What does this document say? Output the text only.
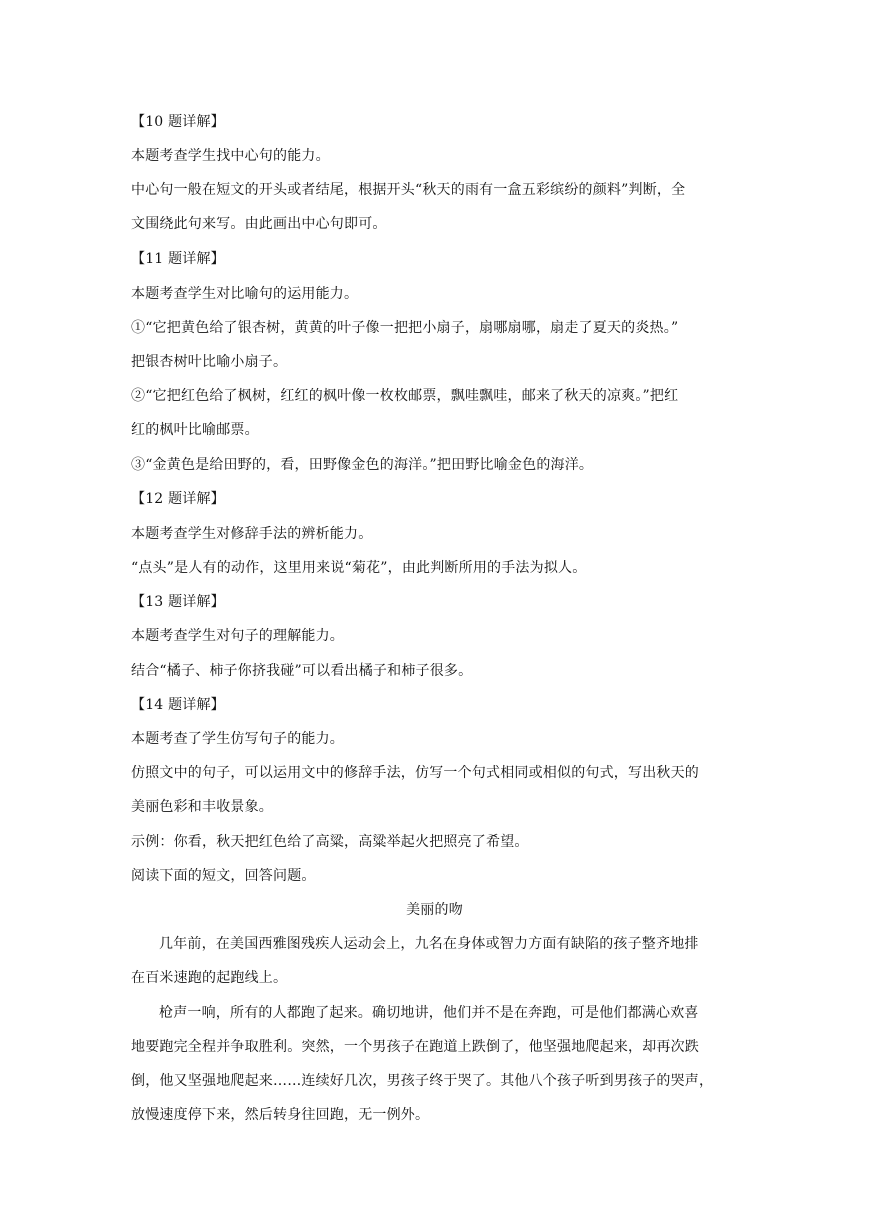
【10 题详解】
本题考查学生找中心句的能力。
中心句一般在短文的开头或者结尾，根据开头“秋天的雨有一盒五彩缤纷的颜料”判断，全
文围绕此句来写。由此画出中心句即可。
【11 题详解】
本题考查学生对比喻句的运用能力。
①“它把黄色给了银杏树，黄黄的叶子像一把把小扇子，扇哪扇哪，扇走了夏天的炎热。”
把银杏树叶比喻小扇子。
②“它把红色给了枫树，红红的枫叶像一枚枚邮票，飘哇飘哇，邮来了秋天的凉爽。”把红
红的枫叶比喻邮票。
③“金黄色是给田野的，看，田野像金色的海洋。”把田野比喻金色的海洋。
【12 题详解】
本题考查学生对修辞手法的辨析能力。
“点头”是人有的动作，这里用来说“菊花”，由此判断所用的手法为拟人。
【13 题详解】
本题考查学生对句子的理解能力。
结合“橘子、柿子你挤我碰”可以看出橘子和柿子很多。
【14 题详解】
本题考查了学生仿写句子的能力。
仿照文中的句子，可以运用文中的修辞手法，仿写一个句式相同或相似的句式，写出秋天的
美丽色彩和丰收景象。
示例：你看，秋天把红色给了高粱，高粱举起火把照亮了希望。
阅读下面的短文，回答问题。
美丽的吻
几年前，在美国西雅图残疾人运动会上，九名在身体或智力方面有缺陷的孩子整齐地排
在百米速跑的起跑线上。
枪声一响，所有的人都跑了起来。确切地讲，他们并不是在奔跑，可是他们都满心欢喜
地要跑完全程并争取胜利。突然，一个男孩子在跑道上跌倒了，他坚强地爬起来，却再次跌
倒，他又坚强地爬起来……连续好几次，男孩子终于哭了。其他八个孩子听到男孩子的哭声，
放慢速度停下来，然后转身往回跑，无一例外。
